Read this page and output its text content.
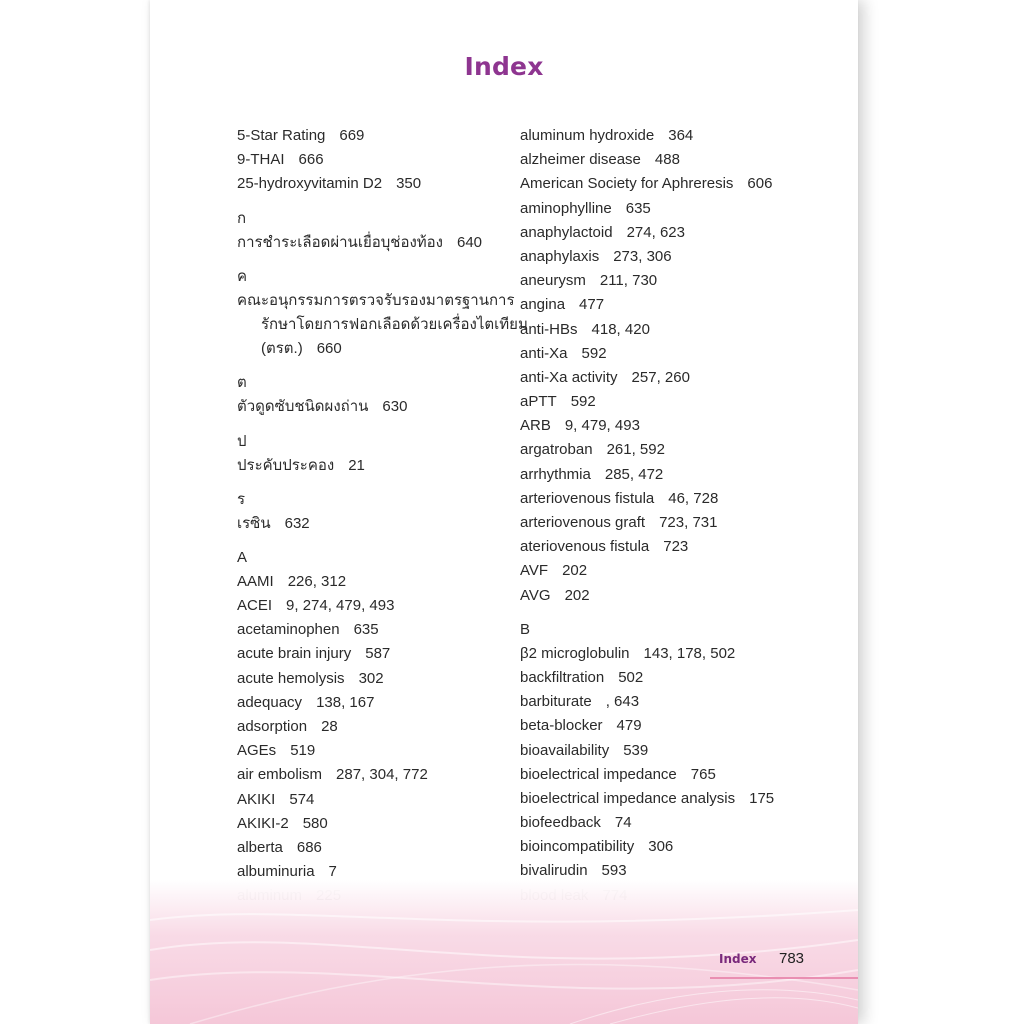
Index
5-Star Rating 669
9-THAI 666
25-hydroxyvitamin D2 350
ก
การชำระเลือดผ่านเยื่อบุช่องท้อง 640
ค
คณะอนุกรรมการตรวจรับรองมาตรฐานการ
รักษาโดยการฟอกเลือดด้วยเครื่องไตเทียม
(ตรต.) 660
ต
ตัวดูดซับชนิดผงถ่าน 630
ป
ประคับประคอง 21
ร
เรซิน 632
A
AAMI 226, 312
ACEI 9, 274, 479, 493
acetaminophen 635
acute brain injury 587
acute hemolysis 302
adequacy 138, 167
adsorption 28
AGEs 519
air embolism 287, 304, 772
AKIKI 574
AKIKI-2 580
alberta 686
albuminuria 7
aluminum hydroxide 364
alzheimer disease 488
American Society for Aphreresis 606
aminophylline 635
anaphylactoid 274, 623
anaphylaxis 273, 306
aneurysm 211, 730
angina 477
anti-HBs 418, 420
anti-Xa 592
anti-Xa activity 257, 260
aPTT 592
ARB 9, 479, 493
argatroban 261, 592
arrhythmia 285, 472
arteriovenous fistula 46, 728
arteriovenous graft 723, 731
ateriovenous fistula 723
AVF 202
AVG 202
B
β2 microglobulin 143, 178, 502
backfiltration 502
barbiturate , 643
beta-blocker 479
bioavailability 539
bioelectrical impedance 765
bioelectrical impedance analysis 175
biofeedback 74
bioincompatibility 306
bivalirudin 593
Index 783
